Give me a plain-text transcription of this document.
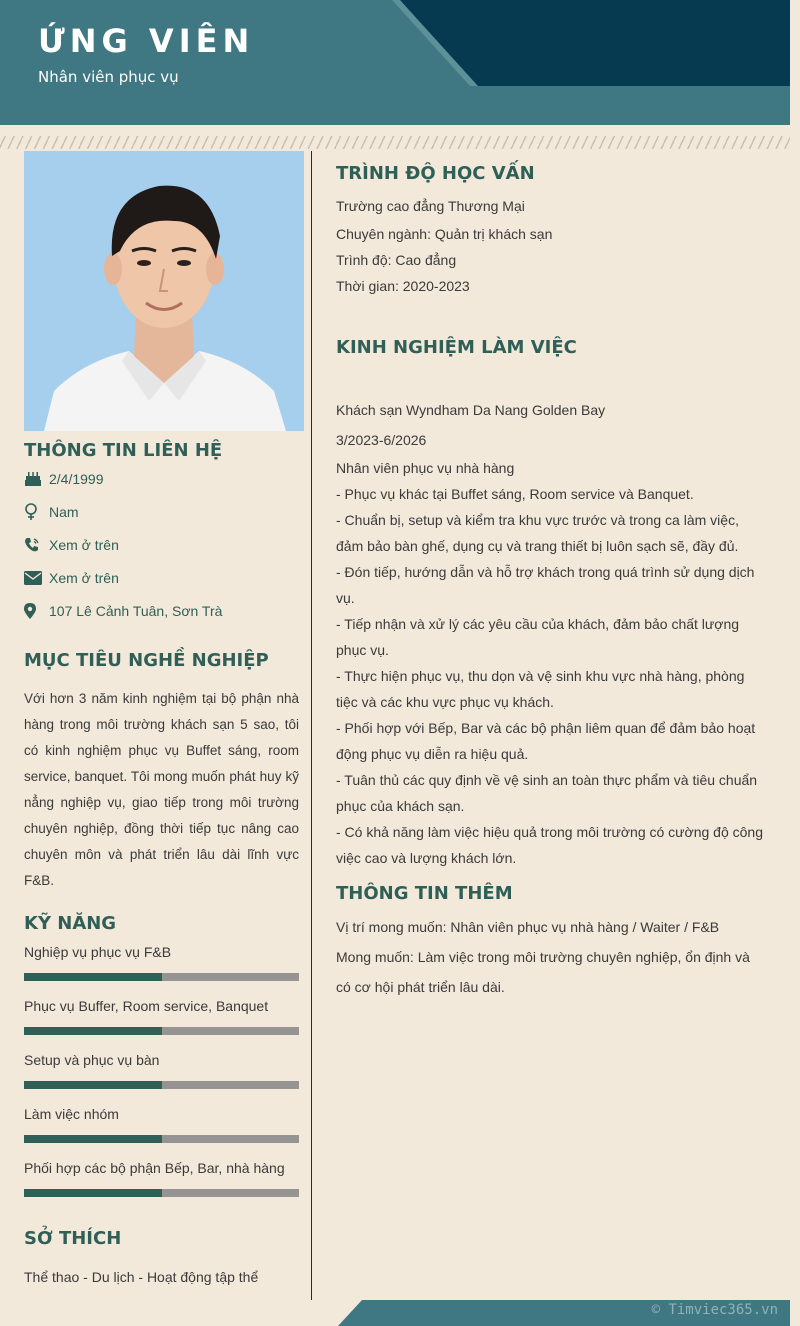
ỨNG VIÊN
Nhân viên phục vụ
THÔNG TIN LIÊN HỆ
2/4/1999
Nam
Xem ở trên
Xem ở trên
107 Lê Cảnh Tuân, Sơn Trà
MỤC TIÊU NGHỀ NGHIỆP
Với hơn 3 năm kinh nghiệm tại bộ phận nhà hàng trong môi trường khách sạn 5 sao, tôi có kinh nghiệm phục vụ Buffet sáng, room service, banquet. Tôi mong muốn phát huy kỹ nẳng nghiệp vụ, giao tiếp trong môi trường chuyên nghiệp, đồng thời tiếp tục nâng cao chuyên môn và phát triển lâu dài lĩnh vực F&B.
KỸ NĂNG
Nghiệp vụ phục vụ F&B
Phục vụ Buffer, Room service, Banquet
Setup và phục vụ bàn
Làm việc nhóm
Phối hợp các bộ phận Bếp, Bar, nhà hàng
SỞ THÍCH
Thể thao - Du lịch - Hoạt động tập thể
TRÌNH ĐỘ HỌC VẤN
Trường cao đẳng Thương Mại
Chuyên ngành: Quản trị khách sạn
Trình độ: Cao đẳng
Thời gian: 2020-2023
KINH NGHIỆM LÀM VIỆC
Khách sạn Wyndham Da Nang Golden Bay
3/2023-6/2026
Nhân viên phục vụ nhà hàng
- Phục vụ khác tại Buffet sáng, Room service và Banquet.
- Chuẩn bị, setup và kiểm tra khu vực trước và trong ca làm việc, đảm bảo bàn ghế, dụng cụ và trang thiết bị luôn sạch sẽ, đầy đủ.
- Đón tiếp, hướng dẫn và hỗ trợ khách trong quá trình sử dụng dịch vụ.
- Tiếp nhận và xử lý các yêu cầu của khách, đảm bảo chất lượng phục vụ.
- Thực hiện phục vụ, thu dọn và vệ sinh khu vực nhà hàng, phòng tiệc và các khu vực phục vụ khách.
- Phối hợp với Bếp, Bar và các bộ phận liêm quan để đảm bảo hoạt động phục vụ diễn ra hiệu quả.
- Tuân thủ các quy định về vệ sinh an toàn thực phẩm và tiêu chuẩn phục của khách sạn.
- Có khả năng làm việc hiệu quả trong môi trường có cường độ công việc cao và lượng khách lớn.
THÔNG TIN THÊM
Vị trí mong muốn: Nhân viên phục vụ nhà hàng / Waiter / F&B
Mong muốn: Làm việc trong môi trường chuyên nghiệp, ổn định và có cơ hội phát triển lâu dài.
© Timviec365.vn
